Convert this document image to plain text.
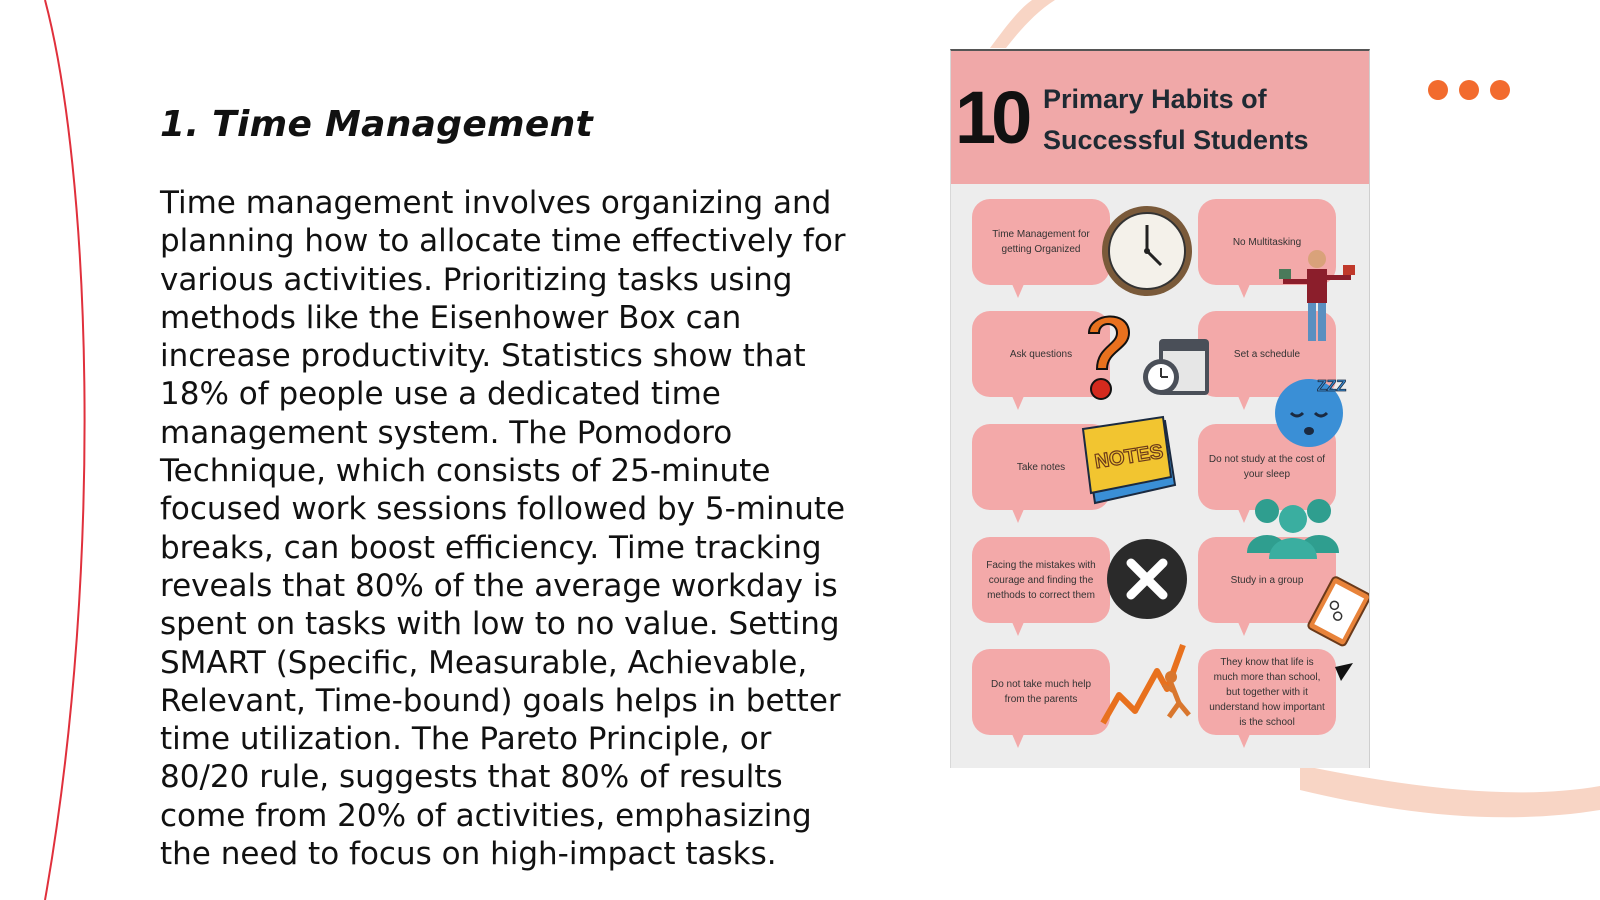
1. Time Management

Time management involves organizing and planning how to allocate time effectively for various activities. Prioritizing tasks using methods like the Eisenhower Box can increase productivity. Statistics show that 18% of people use a dedicated time management system. The Pomodoro Technique, which consists of 25-minute focused work sessions followed by 5-minute breaks, can boost efficiency. Time tracking reveals that 80% of the average workday is spent on tasks with low to no value. Setting SMART (Specific, Measurable, Achievable, Relevant, Time-bound) goals helps in better time utilization. The Pareto Principle, or 80/20 rule, suggests that 80% of results come from 20% of activities, emphasizing the need to focus on high-impact tasks.

10 Primary Habits of Successful Students
Time Management for getting Organized
No Multitasking
Ask questions	Set a schedule
Take notes
Do not study at the cost of your sleep
Facing the mistakes with courage and finding the methods to correct them
Study in a group
Do not take much help from the parents
They know that life is much more than school, but together with it understand how important is the school
ZZZ
NOTES
